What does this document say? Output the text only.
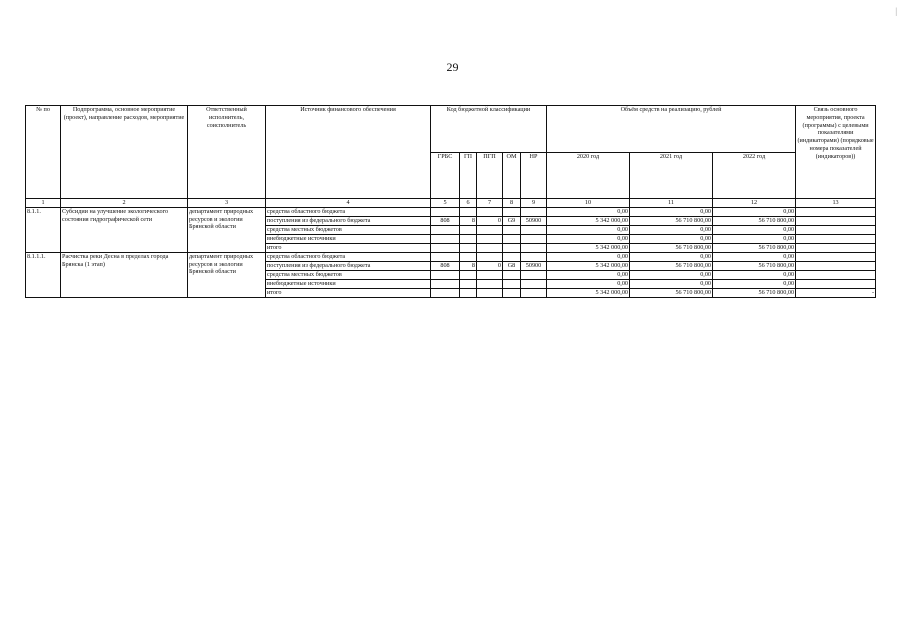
|
29
№ по	Подпрограмма, основное мероприятие (проект), направление расходов, мероприятие	Ответственный исполнитель, соисполнитель	Источник финансового обеспечения	Код бюджетной классификации					Объём средств на реализацию, рублей			Связь основного мероприятия, проекта (программы) с целевыми показателями (индикаторами) (порядковые номера показателей (индикаторов))
				ГРБС	ГП	ПГП	ОМ	НР	2020 год	2021 год	2022 год	
1	2	3	4	5	6	7	8	9	10	11	12	13
8.1.1.	Субсидии на улучшение экологического состояния гидрографической сети	департамент природных ресурсов и экологии Брянской области	средства областного бюджета						0,00	0,00	0,00	
			поступления из федерального бюджета	808	8	0	G9	50900	5 342 000,00	56 710 800,00	56 710 800,00	
			средства местных бюджетов						0,00	0,00	0,00	
			внебюджетные источники						0,00	0,00	0,00	
			итого						5 342 000,00	56 710 800,00	56 710 800,00	
8.1.1.1.	Расчистка реки Десна в пределах города Брянска (1 этап)	департамент природных ресурсов и экологии Брянской области	средства областного бюджета						0,00	0,00	0,00	
			поступления из федерального бюджета	808	8	0	G8	50900	5 342 000,00	56 710 800,00	56 710 800,00	
			средства местных бюджетов						0,00	0,00	0,00	
			внебюджетные источники						0,00	0,00	0,00	
			итого						5 342 000,00	56 710 800,00	56 710 800,00	-
